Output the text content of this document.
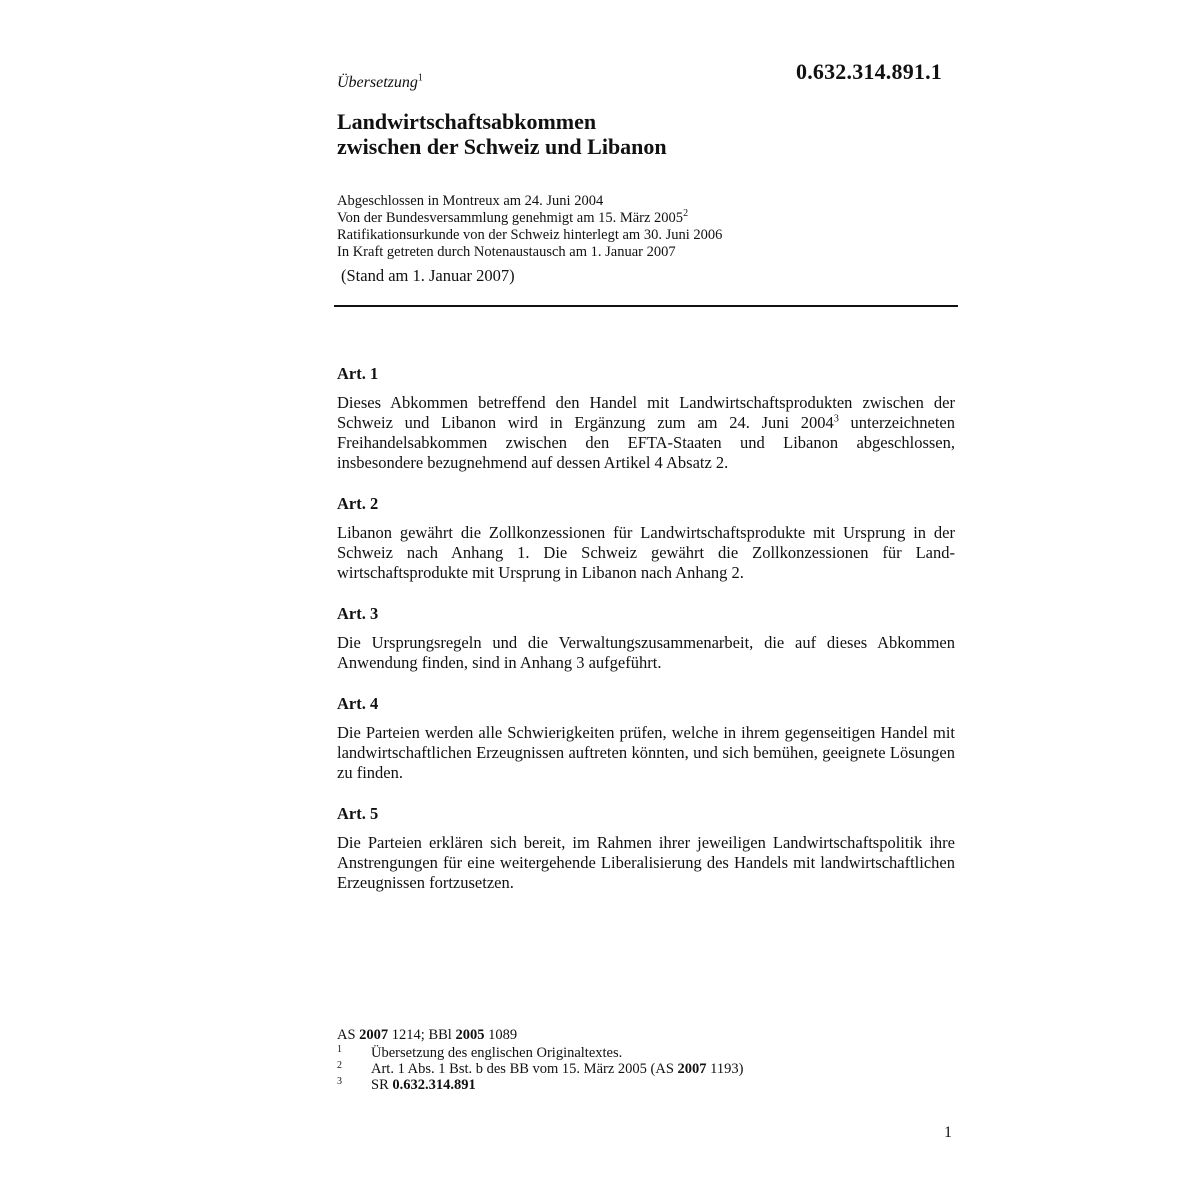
0.632.314.891.1
Übersetzung$^1$
Landwirtschaftsabkommen
zwischen der Schweiz und Libanon
Abgeschlossen in Montreux am 24. Juni 2004
Von der Bundesversammlung genehmigt am 15. März 2005$^2$
Ratifikationsurkunde von der Schweiz hinterlegt am 30. Juni 2006
In Kraft getreten durch Notenaustausch am 1. Januar 2007
(Stand am 1. Januar 2007)
Art. 1
Dieses Abkommen betreffend den Handel mit Landwirtschaftsprodukten zwischen der Schweiz und Libanon wird in Ergänzung zum am 24. Juni 2004$^3$ unterzeichneten Freihandelsabkommen zwischen den EFTA-Staaten und Libanon abgeschlossen, insbesondere bezugnehmend auf dessen Artikel 4 Absatz 2.
Art. 2
Libanon gewährt die Zollkonzessionen für Landwirtschaftsprodukte mit Ursprung in der Schweiz nach Anhang 1. Die Schweiz gewährt die Zollkonzessionen für Landwirtschaftsprodukte mit Ursprung in Libanon nach Anhang 2.
Art. 3
Die Ursprungsregeln und die Verwaltungszusammenarbeit, die auf dieses Abkommen Anwendung finden, sind in Anhang 3 aufgeführt.
Art. 4
Die Parteien werden alle Schwierigkeiten prüfen, welche in ihrem gegenseitigen Handel mit landwirtschaftlichen Erzeugnissen auftreten könnten, und sich bemühen, geeignete Lösungen zu finden.
Art. 5
Die Parteien erklären sich bereit, im Rahmen ihrer jeweiligen Landwirtschaftspolitik ihre Anstrengungen für eine weitergehende Liberalisierung des Handels mit landwirtschaftlichen Erzeugnissen fortzusetzen.
AS 2007 1214; BBl 2005 1089
1 Übersetzung des englischen Originaltextes.
2 Art. 1 Abs. 1 Bst. b des BB vom 15. März 2005 (AS 2007 1193)
3 SR 0.632.314.891
1
